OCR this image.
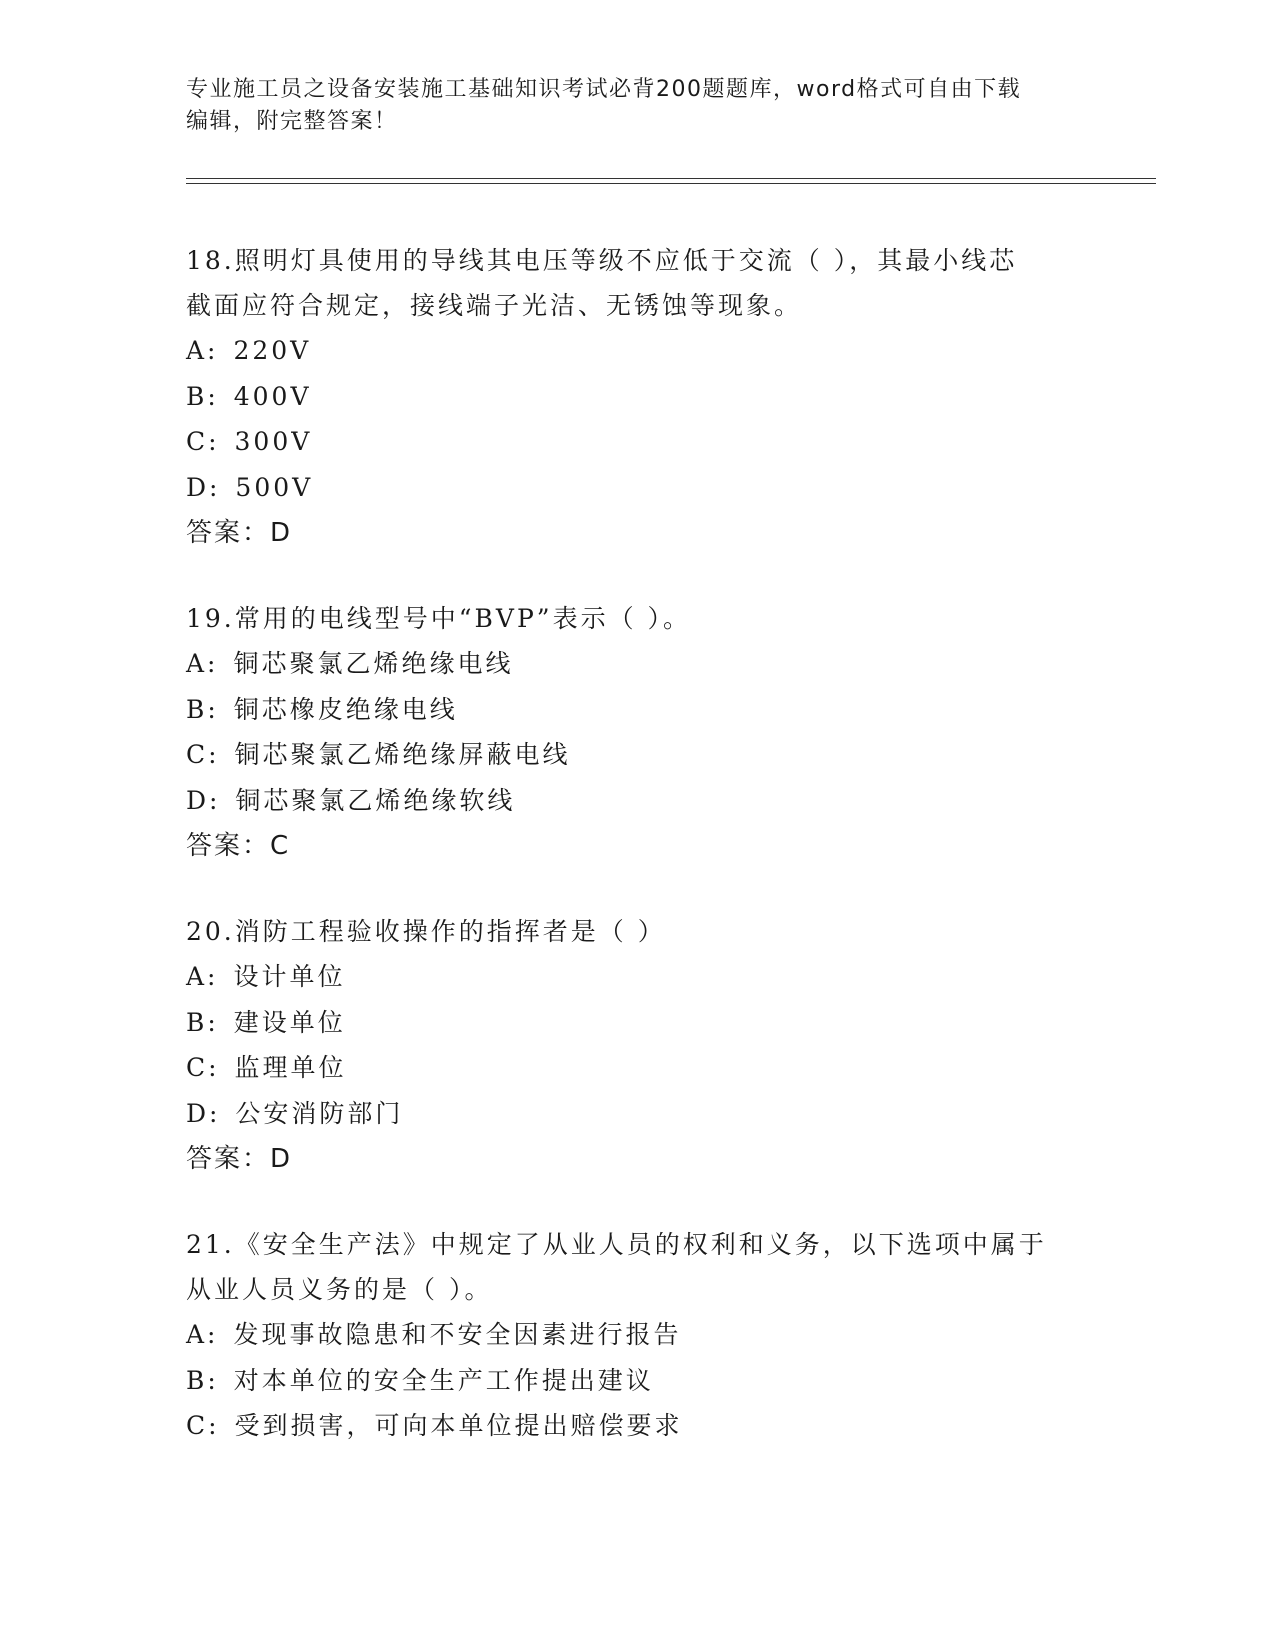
专业施工员之设备安装施工基础知识考试必背200题题库，word格式可自由下载
编辑，附完整答案！
18.照明灯具使用的导线其电压等级不应低于交流（ ），其最小线芯
截面应符合规定，接线端子光洁、无锈蚀等现象。
A: 220V
B: 400V
C: 300V
D: 500V
答案：D
19.常用的电线型号中“BVP”表示（ ）。
A: 铜芯聚氯乙烯绝缘电线
B: 铜芯橡皮绝缘电线
C: 铜芯聚氯乙烯绝缘屏蔽电线
D: 铜芯聚氯乙烯绝缘软线
答案：C
20.消防工程验收操作的指挥者是（ ）
A: 设计单位
B: 建设单位
C: 监理单位
D: 公安消防部门
答案：D
21.《安全生产法》中规定了从业人员的权利和义务，以下选项中属于
从业人员义务的是（ ）。
A: 发现事故隐患和不安全因素进行报告
B: 对本单位的安全生产工作提出建议
C: 受到损害，可向本单位提出赔偿要求
